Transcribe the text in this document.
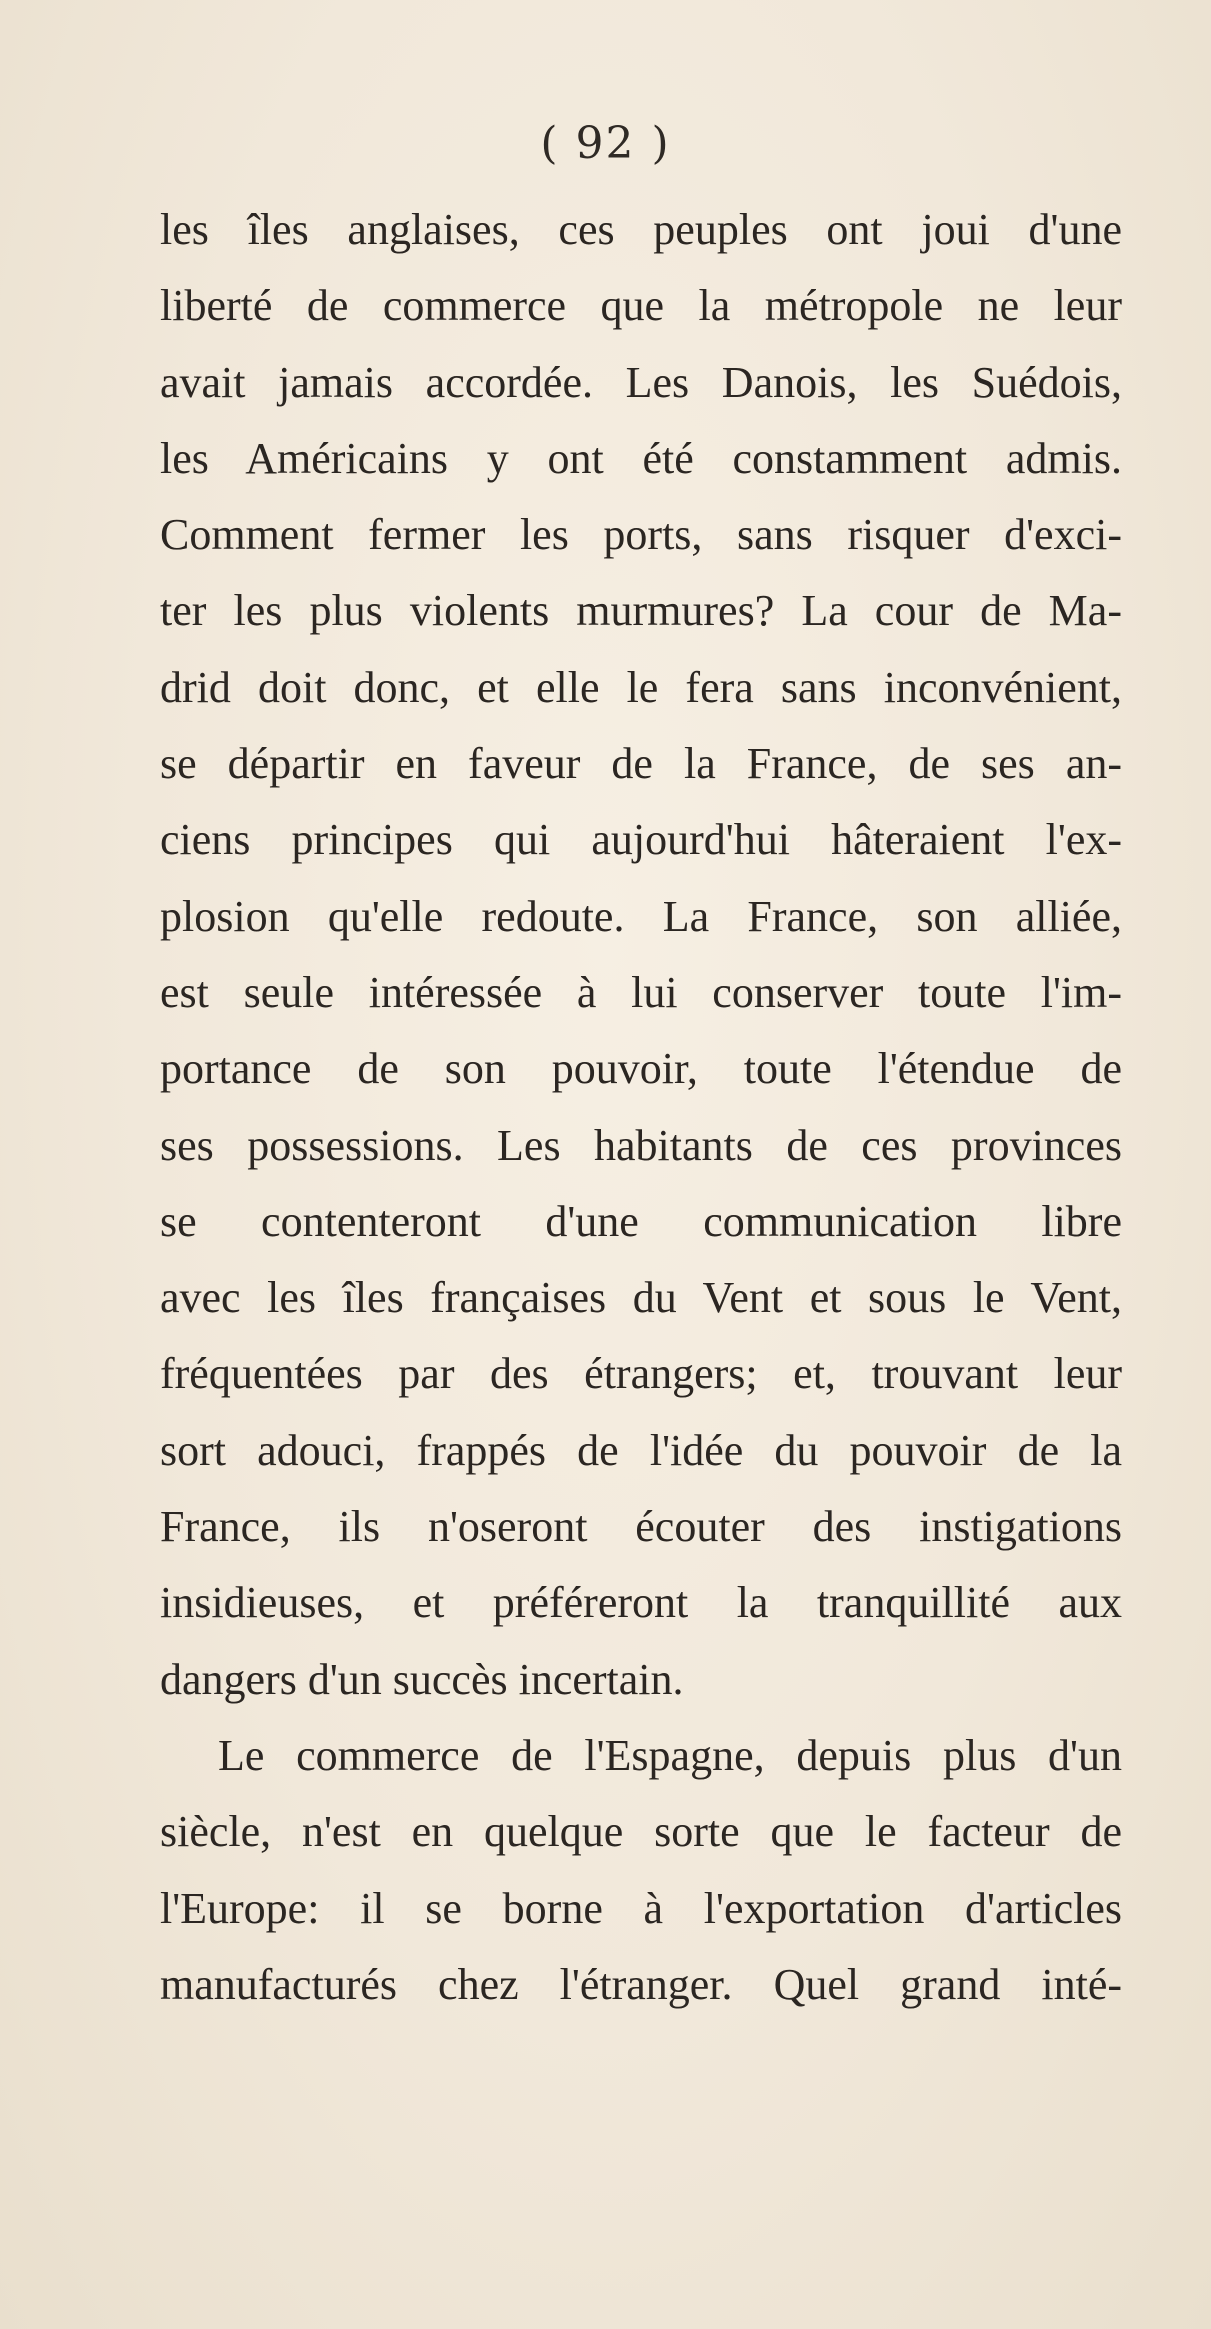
( 92 )
les îles anglaises, ces peuples ont joui d'une
liberté de commerce que la métropole ne leur
avait jamais accordée. Les Danois, les Suédois,
les Américains y ont été constamment admis.
Comment fermer les ports, sans risquer d'exci-
ter les plus violents murmures? La cour de Ma-
drid doit donc, et elle le fera sans inconvénient,
se départir en faveur de la France, de ses an-
ciens principes qui aujourd'hui hâteraient l'ex-
plosion qu'elle redoute. La France, son alliée,
est seule intéressée à lui conserver toute l'im-
portance de son pouvoir, toute l'étendue de
ses possessions. Les habitants de ces provinces
se contenteront d'une communication libre
avec les îles françaises du Vent et sous le Vent,
fréquentées par des étrangers; et, trouvant leur
sort adouci, frappés de l'idée du pouvoir de la
France, ils n'oseront écouter des instigations
insidieuses, et préféreront la tranquillité aux
dangers d'un succès incertain.
Le commerce de l'Espagne, depuis plus d'un
siècle, n'est en quelque sorte que le facteur de
l'Europe: il se borne à l'exportation d'articles
manufacturés chez l'étranger. Quel grand inté-
